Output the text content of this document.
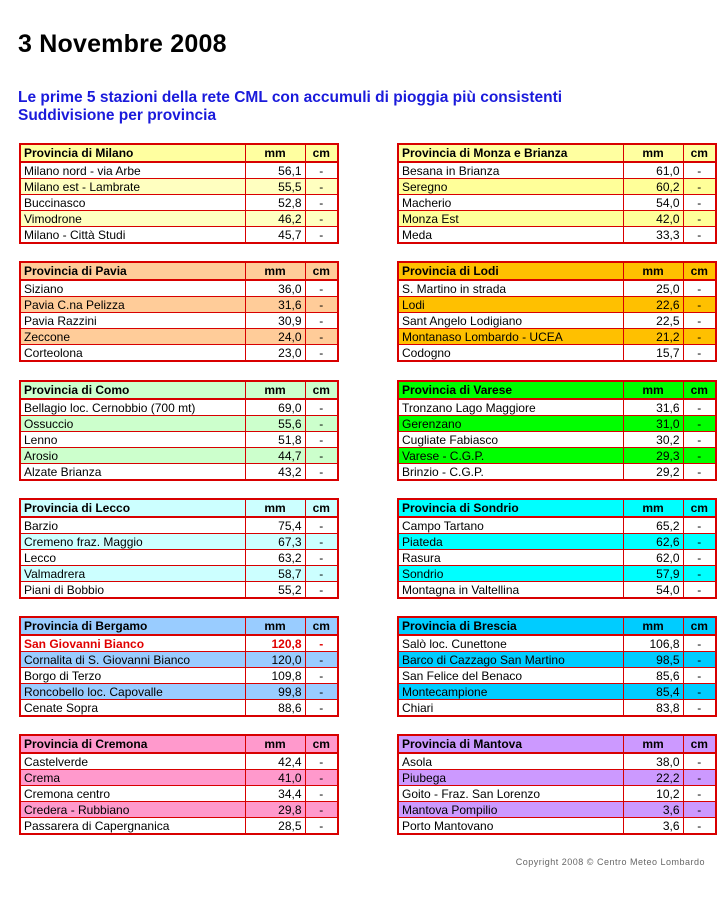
3 Novembre 2008
Le prime 5 stazioni della rete CML con accumuli di pioggia più consistenti
Suddivisione per provincia
Provincia di Milano	mm	cm
Milano nord - via Arbe	56,1	-
Milano est - Lambrate	55,5	-
Buccinasco	52,8	-
Vimodrone	46,2	-
Milano - Città Studi	45,7	-
Provincia di Monza e Brianza	mm	cm
Besana in Brianza	61,0	-
Seregno	60,2	-
Macherio	54,0	-
Monza Est	42,0	-
Meda	33,3	-
Provincia di Pavia	mm	cm
Siziano	36,0	-
Pavia C.na Pelizza	31,6	-
Pavia Razzini	30,9	-
Zeccone	24,0	-
Corteolona	23,0	-
Provincia di Lodi	mm	cm
S. Martino in strada	25,0	-
Lodi	22,6	-
Sant Angelo Lodigiano	22,5	-
Montanaso Lombardo - UCEA	21,2	-
Codogno	15,7	-
Provincia di Como	mm	cm
Bellagio loc. Cernobbio (700 mt)	69,0	-
Ossuccio	55,6	-
Lenno	51,8	-
Arosio	44,7	-
Alzate Brianza	43,2	-
Provincia di Varese	mm	cm
Tronzano Lago Maggiore	31,6	-
Gerenzano	31,0	-
Cugliate Fabiasco	30,2	-
Varese - C.G.P.	29,3	-
Brinzio - C.G.P.	29,2	-
Provincia di Lecco	mm	cm
Barzio	75,4	-
Cremeno fraz. Maggio	67,3	-
Lecco	63,2	-
Valmadrera	58,7	-
Piani di Bobbio	55,2	-
Provincia di Sondrio	mm	cm
Campo Tartano	65,2	-
Piateda	62,6	-
Rasura	62,0	-
Sondrio	57,9	-
Montagna in Valtellina	54,0	-
Provincia di Bergamo	mm	cm
San Giovanni Bianco	120,8	-
Cornalita di S. Giovanni Bianco	120,0	-
Borgo di Terzo	109,8	-
Roncobello loc. Capovalle	99,8	-
Cenate Sopra	88,6	-
Provincia di Brescia	mm	cm
Salò loc. Cunettone	106,8	-
Barco di Cazzago San Martino	98,5	-
San Felice del Benaco	85,6	-
Montecampione	85,4	-
Chiari	83,8	-
Provincia di Cremona	mm	cm
Castelverde	42,4	-
Crema	41,0	-
Cremona centro	34,4	-
Credera - Rubbiano	29,8	-
Passarera di Capergnanica	28,5	-
Provincia di Mantova	mm	cm
Asola	38,0	-
Piubega	22,2	-
Goito - Fraz. San Lorenzo	10,2	-
Mantova Pompilio	3,6	-
Porto Mantovano	3,6	-
Copyright 2008 © Centro Meteo Lombardo
